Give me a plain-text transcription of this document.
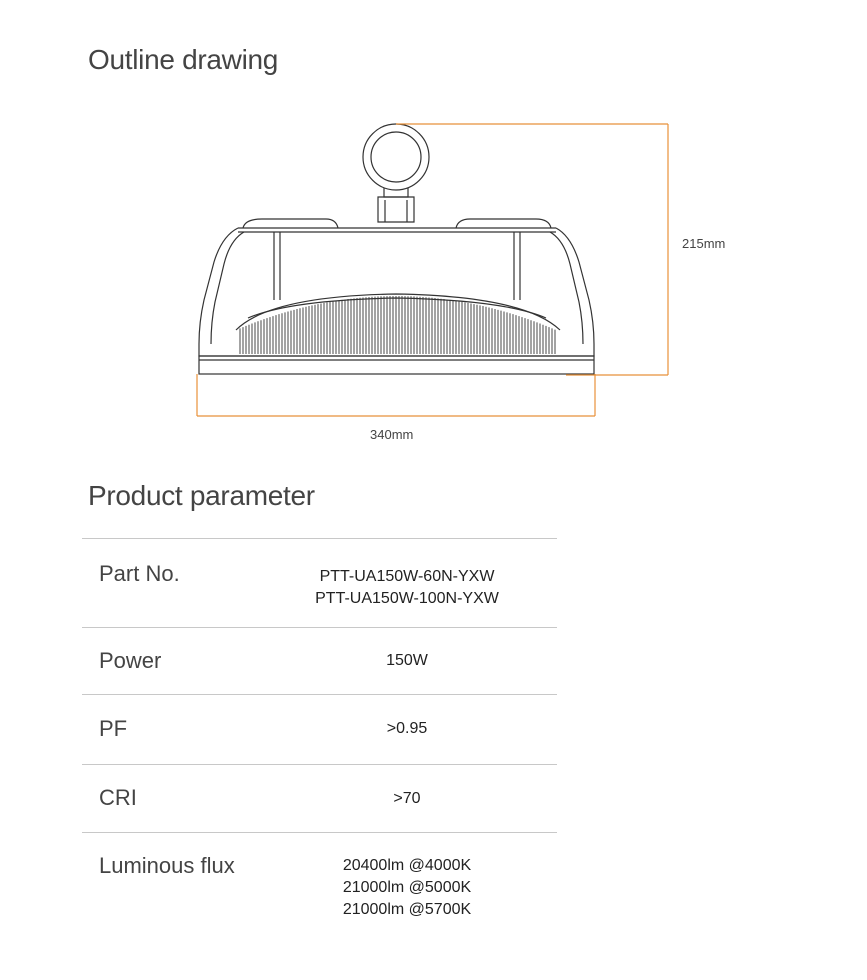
Outline drawing
215mm
340mm
Product parameter
Part No.	PTT-UA150W-60N-YXW
PTT-UA150W-100N-YXW
Power	150W
PF	>0.95
CRI	>70
Luminous flux	20400lm @4000K
21000lm @5000K
21000lm @5700K
